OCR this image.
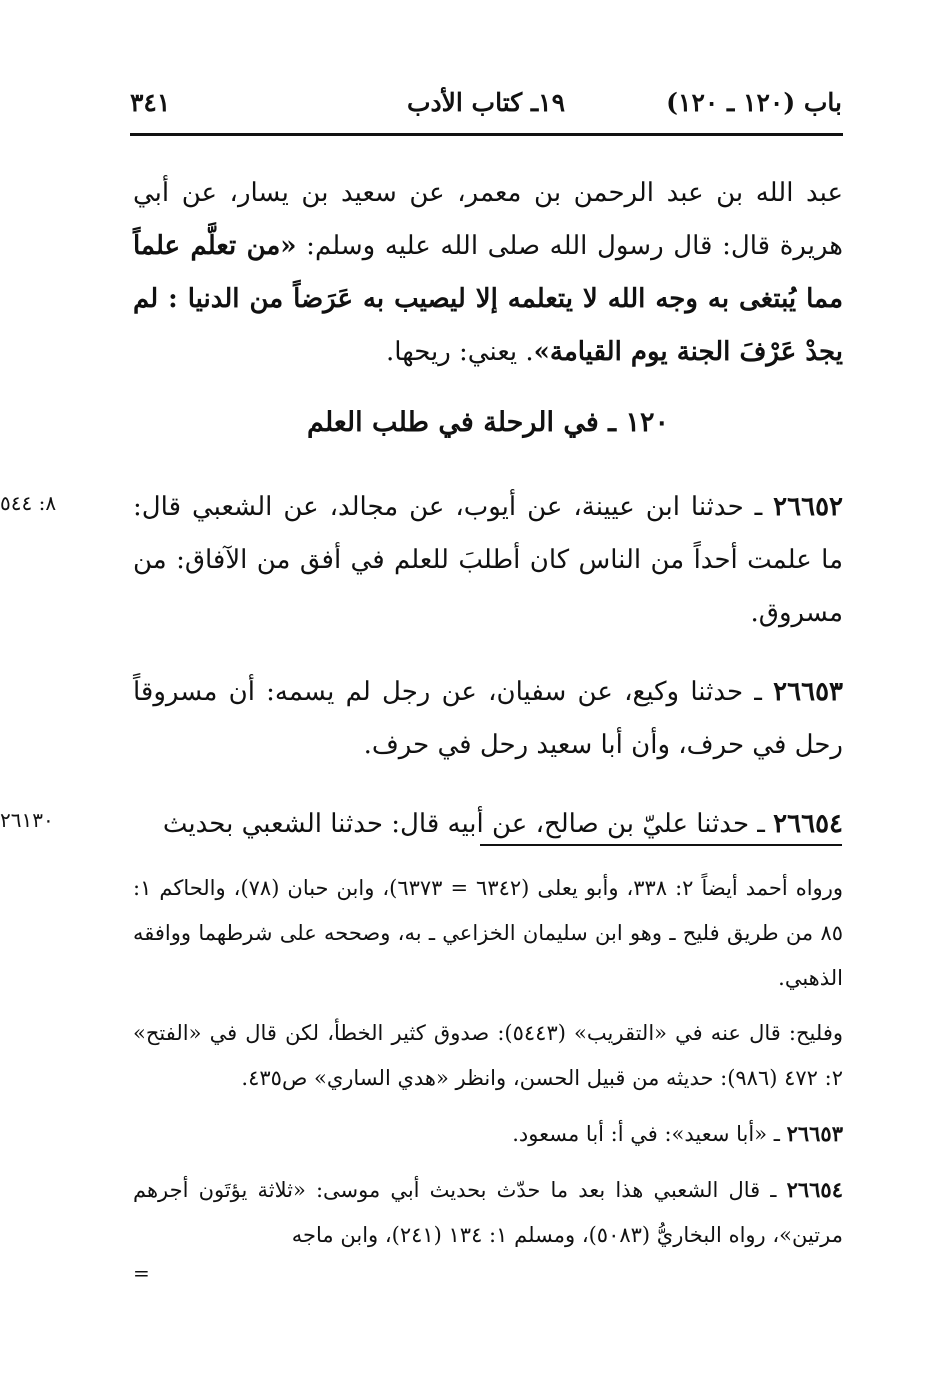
٣٤١	١٩ـ كتاب الأدب	باب (١٢٠ ـ ١٢٠)

عبد الله بن عبد الرحمن بن معمر، عن سعيد بن يسار، عن أبي هريرة قال: قال رسول الله صلى الله عليه وسلم: «من تعلَّم علماً مما يُبتغى به وجه الله لا يتعلمه إلا ليصيب به عَرَضاً من الدنيا : لم يجدْ عَرْفَ الجنة يوم القيامة». يعني: ريحها.

١٢٠ ـ في الرحلة في طلب العلم
٨: ٥٤٤	٢٦٦٥٢ ـ حدثنا ابن عيينة، عن أيوب، عن مجالد، عن الشعبي قال: ما علمت أحداً من الناس كان أطلبَ للعلم في أفق من الآفاق: من مسروق.

٢٦٦٥٣ ـ حدثنا وكيع، عن سفيان، عن رجل لم يسمه: أن مسروقاً رحل في حرف، وأن أبا سعيد رحل في حرف.

٢٦١٣٠	٢٦٦٥٤ ـ حدثنا عليّ بن صالح، عن أبيه قال: حدثنا الشعبي بحديث

ورواه أحمد أيضاً ٢: ٣٣٨، وأبو يعلى (٦٣٤٢ = ٦٣٧٣)، وابن حبان (٧٨)، والحاكم ١: ٨٥ من طريق فليح ـ وهو ابن سليمان الخزاعي ـ به، وصححه على شرطهما ووافقه الذهبي.

وفليح: قال عنه في «التقريب» (٥٤٤٣): صدوق كثير الخطأ، لكن قال في «الفتح» ٢: ٤٧٢ (٩٨٦): حديثه من قبيل الحسن، وانظر «هدي الساري» ص٤٣٥.

٢٦٦٥٣ ـ «أبا سعيد»: في أ: أبا مسعود.

٢٦٦٥٤ ـ قال الشعبي هذا بعد ما حدّث بحديث أبي موسى: «ثلاثة يؤتَون أجرهم مرتين»، رواه البخاريُّ (٥٠٨٣)، ومسلم ١: ١٣٤ (٢٤١)، وابن ماجه

=
